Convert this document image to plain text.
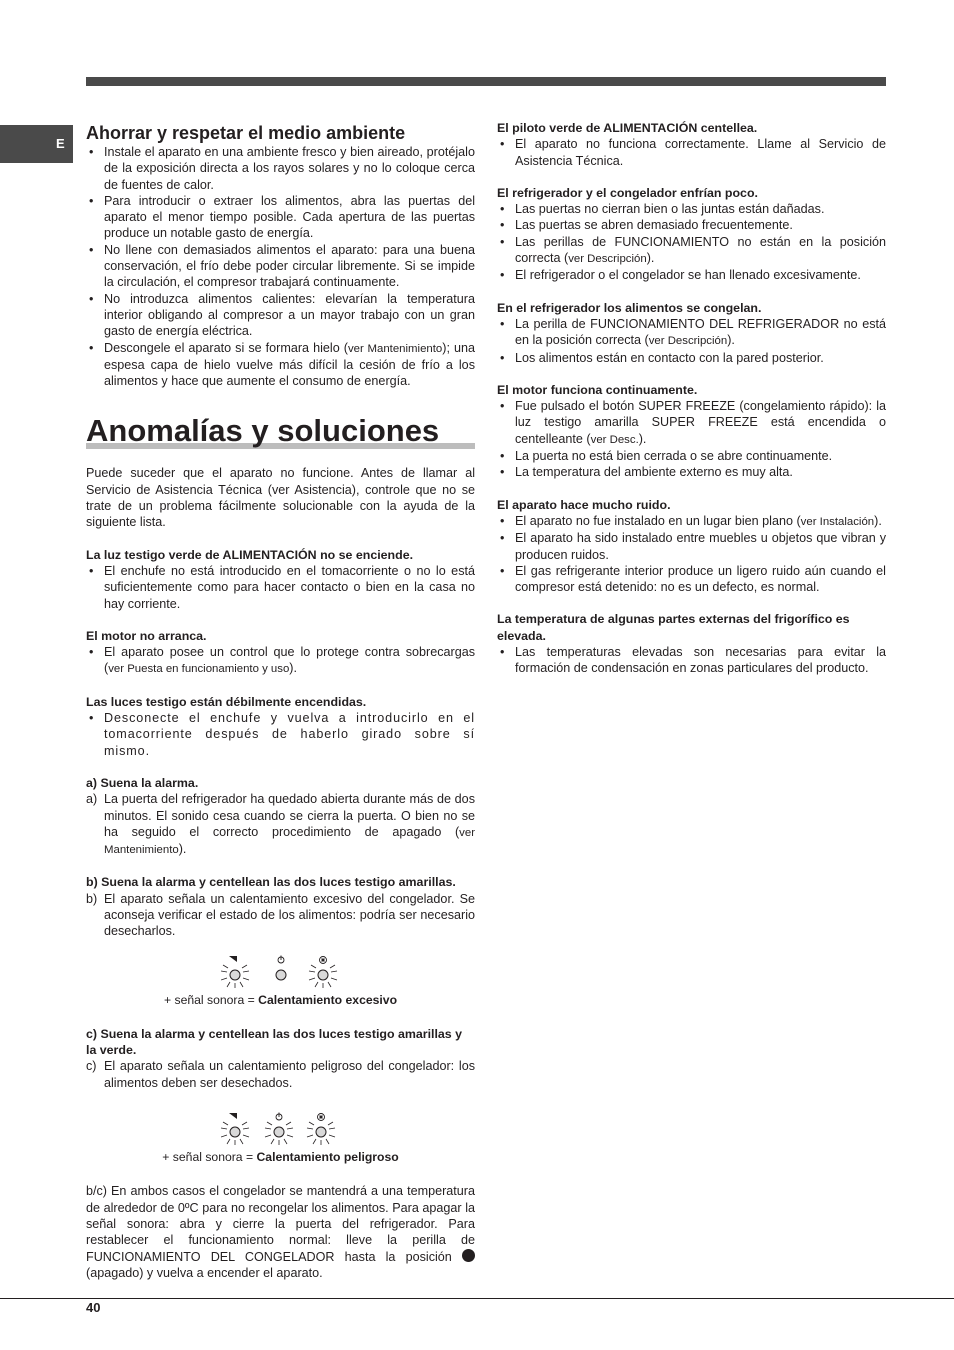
E
Ahorrar y respetar el medio ambiente
• Instale el aparato en una ambiente fresco y bien aireado, protéjalo de la exposición directa a los rayos solares y no lo coloque cerca de fuentes de calor.
• Para introducir o extraer los alimentos, abra las puertas del aparato el menor tiempo posible. Cada apertura de las puertas produce un notable gasto de energía.
• No llene con demasiados alimentos el aparato: para una buena conservación, el frío debe poder circular libremente. Si se impide la circulación, el compresor trabajará continuamente.
• No introduzca alimentos calientes: elevarían la temperatura interior obligando al compresor a un mayor trabajo con un gran gasto de energía eléctrica.
• Descongele el aparato si se formara hielo (ver Mantenimiento); una espesa capa de hielo vuelve más difícil la cesión de frío a los alimentos y hace que aumente el consumo de energía.
Anomalías y soluciones

Puede suceder que el aparato no funcione. Antes de llamar al Servicio de Asistencia Técnica (ver Asistencia), controle que no se trate de un problema fácilmente solucionable con la ayuda de la siguiente lista.

La luz testigo verde de ALIMENTACIÓN no se enciende.
• El enchufe no está introducido en el tomacorriente o no lo está suficientemente como para hacer contacto o bien en la casa no hay corriente.
El motor no arranca.
• El aparato posee un control que lo protege contra sobrecargas (ver Puesta en funcionamiento y uso).
Las luces testigo están débilmente encendidas.
• Desconecte el enchufe y vuelva a introducirlo en el tomacorriente después de haberlo girado sobre sí mismo.
a) Suena la alarma.
a) La puerta del refrigerador ha quedado abierta durante más de dos minutos. El sonido cesa cuando se cierra la puerta. O bien no se ha seguido el correcto procedimiento de apagado (ver Mantenimiento).
b) Suena la alarma y centellean las dos luces testigo amarillas.
b) El aparato señala un calentamiento excesivo del congelador. Se aconseja verificar el estado de los alimentos: podría ser necesario desecharlos.
+ señal sonora = Calentamiento excesivo
c) Suena la alarma y centellean las dos luces testigo amarillas y la verde.
c) El aparato señala un calentamiento peligroso del congelador: los alimentos deben ser desechados.
+ señal sonora = Calentamiento peligroso

b/c) En ambos casos el congelador se mantendrá a una temperatura de alrededor de 0ºC para no recongelar los alimentos. Para apagar la señal sonora: abra y cierre la puerta del refrigerador. Para restablecer el funcionamiento normal: lleve la perilla de FUNCIONAMIENTO DEL CONGELADOR hasta la posición  (apagado) y vuelva a encender el aparato.

El piloto verde de ALIMENTACIÓN centellea.
• El aparato no funciona correctamente. Llame al Servicio de Asistencia Técnica.
El refrigerador y el congelador enfrían poco.
• Las puertas no cierran bien o las juntas están dañadas.
• Las puertas se abren demasiado frecuentemente.
• Las perillas de FUNCIONAMIENTO no están en la posición correcta (ver Descripción).
• El refrigerador o el congelador se han llenado excesivamente.
En el refrigerador los alimentos se congelan.
• La perilla de FUNCIONAMIENTO DEL REFRIGERADOR no está en la posición correcta (ver Descripción).
• Los alimentos están en contacto con la pared posterior.
El motor funciona continuamente.
• Fue pulsado el botón SUPER FREEZE (congelamiento rápido): la luz testigo amarilla SUPER FREEZE está encendida o centelleante (ver Desc.).
• La puerta no está bien cerrada o se abre continuamente.
• La temperatura del ambiente externo es muy alta.
El aparato hace mucho ruido.
• El aparato no fue instalado en un lugar bien plano (ver Instalación).
• El aparato ha sido instalado entre muebles u objetos que vibran y producen ruidos.
• El gas refrigerante interior produce un ligero ruido aún cuando el compresor está detenido: no es un defecto, es normal.
La temperatura de algunas partes externas del frigorífico es elevada.
• Las temperaturas elevadas son necesarias para evitar la formación de condensación en zonas particulares del producto.
40
